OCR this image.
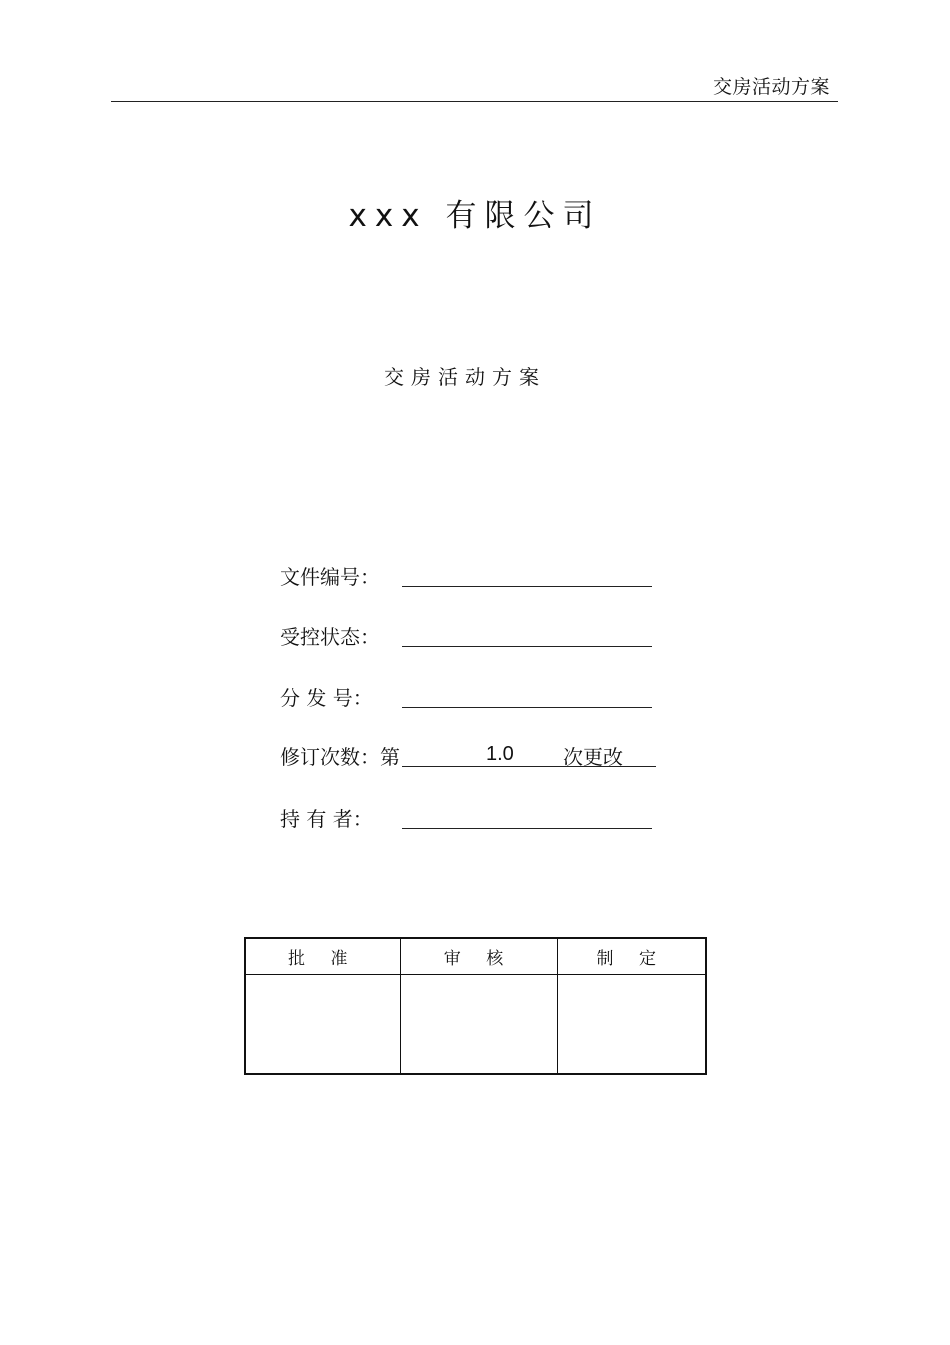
交房活动方案
xxx 有限公司
交房活动方案
文件编号：
受控状态：
分 发 号：
修订次数：第	1.0 次更改
持 有 者：
批 准	审 核	制 定
